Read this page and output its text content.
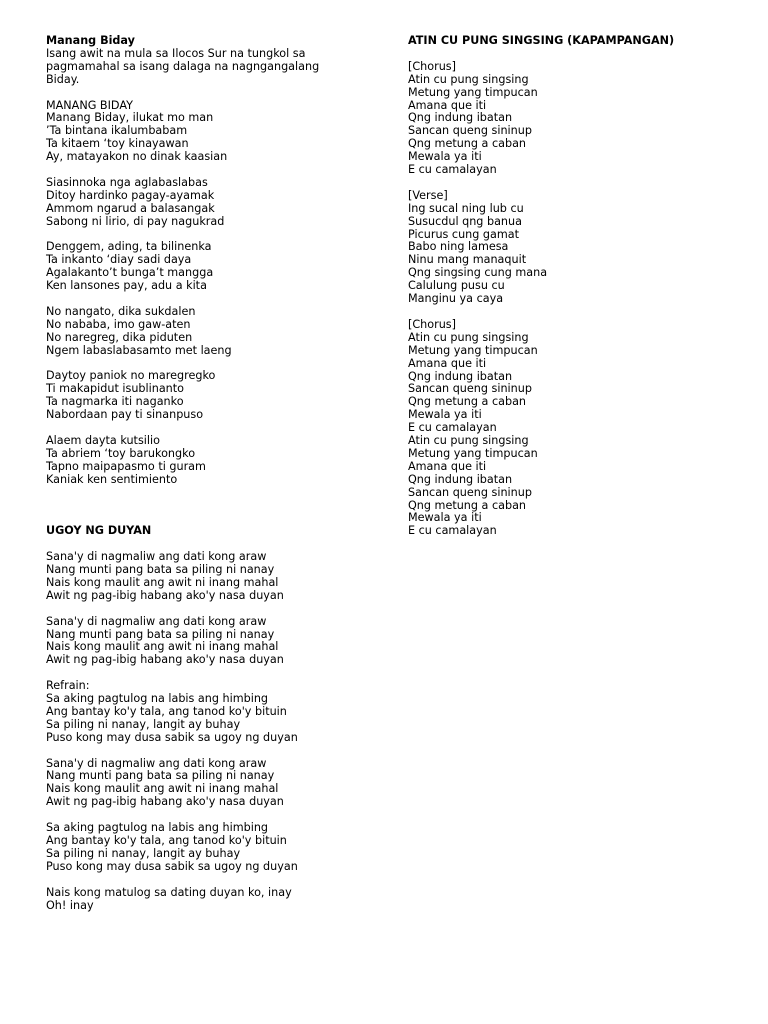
Manang Biday
Isang awit na mula sa Ilocos Sur na tungkol sa
pagmamahal sa isang dalaga na nagngangalang
Biday.
MANANG BIDAY
Manang Biday, ilukat mo man
’Ta bintana ikalumbabam
Ta kitaem ‘toy kinayawan
Ay, matayakon no dinak kaasian
Siasinnoka nga aglabaslabas
Ditoy hardinko pagay-ayamak
Ammom ngarud a balasangak
Sabong ni lirio, di pay nagukrad
Denggem, ading, ta bilinenka
Ta inkanto ‘diay sadi daya
Agalakanto’t bunga’t mangga
Ken lansones pay, adu a kita
No nangato, dika sukdalen
No nababa, imo gaw-aten
No naregreg, dika piduten
Ngem labaslabasamto met laeng
Daytoy paniok no maregregko
Ti makapidut isublinanto
Ta nagmarka iti naganko
Nabordaan pay ti sinanpuso
Alaem dayta kutsilio
Ta abriem ‘toy barukongko
Tapno maipapasmo ti guram
Kaniak ken sentimiento
UGOY NG DUYAN
Sana'y di nagmaliw ang dati kong araw
Nang munti pang bata sa piling ni nanay
Nais kong maulit ang awit ni inang mahal
Awit ng pag-ibig habang ako'y nasa duyan
Sana'y di nagmaliw ang dati kong araw
Nang munti pang bata sa piling ni nanay
Nais kong maulit ang awit ni inang mahal
Awit ng pag-ibig habang ako'y nasa duyan
Refrain:
Sa aking pagtulog na labis ang himbing
Ang bantay ko'y tala, ang tanod ko'y bituin
Sa piling ni nanay, langit ay buhay
Puso kong may dusa sabik sa ugoy ng duyan
Sana'y di nagmaliw ang dati kong araw
Nang munti pang bata sa piling ni nanay
Nais kong maulit ang awit ni inang mahal
Awit ng pag-ibig habang ako'y nasa duyan
Sa aking pagtulog na labis ang himbing
Ang bantay ko'y tala, ang tanod ko'y bituin
Sa piling ni nanay, langit ay buhay
Puso kong may dusa sabik sa ugoy ng duyan
Nais kong matulog sa dating duyan ko, inay
Oh! inay
ATIN CU PUNG SINGSING (KAPAMPANGAN)
[Chorus]
Atin cu pung singsing
Metung yang timpucan
Amana que iti
Qng indung ibatan
Sancan queng sininup
Qng metung a caban
Mewala ya iti
E cu camalayan
[Verse]
Ing sucal ning lub cu
Susucdul qng banua
Picurus cung gamat
Babo ning lamesa
Ninu mang manaquit
Qng singsing cung mana
Calulung pusu cu
Manginu ya caya
[Chorus]
Atin cu pung singsing
Metung yang timpucan
Amana que iti
Qng indung ibatan
Sancan queng sininup
Qng metung a caban
Mewala ya iti
E cu camalayan
Atin cu pung singsing
Metung yang timpucan
Amana que iti
Qng indung ibatan
Sancan queng sininup
Qng metung a caban
Mewala ya iti
E cu camalayan
